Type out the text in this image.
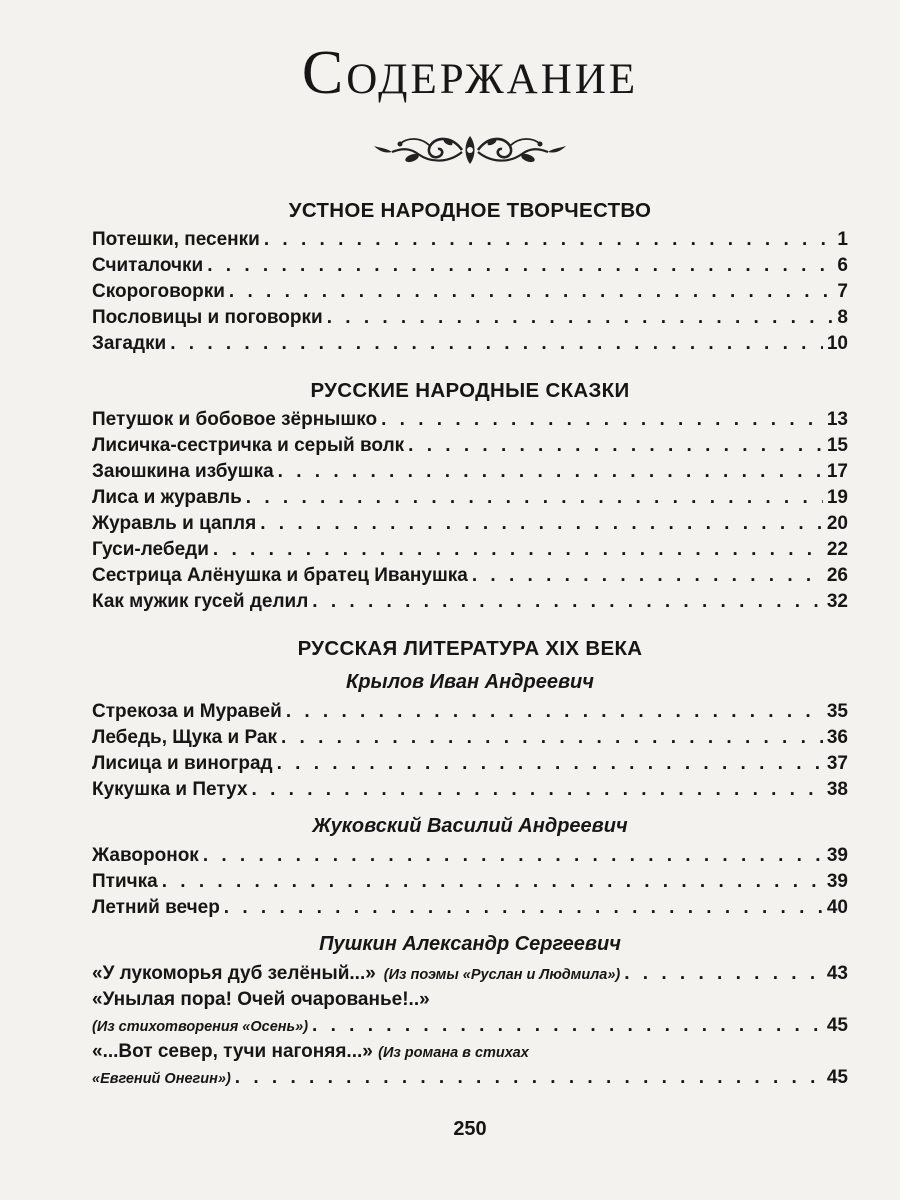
Содержание
УСТНОЕ НАРОДНОЕ ТВОРЧЕСТВО
Потешки, песенки . . .	1
Считалочки . . .	6
Скороговорки . . .	7
Пословицы и поговорки . . .	8
Загадки . . .	10
РУССКИЕ НАРОДНЫЕ СКАЗКИ
Петушок и бобовое зёрнышко . . .	13
Лисичка-сестричка и серый волк . . .	15
Заюшкина избушка . . .	17
Лиса и журавль . . .	19
Журавль и цапля . . .	20
Гуси-лебеди . . .	22
Сестрица Алёнушка и братец Иванушка . . .	26
Как мужик гусей делил . . .	32
РУССКАЯ ЛИТЕРАТУРА XIX ВЕКА
Крылов Иван Андреевич
Стрекоза и Муравей . . .	35
Лебедь, Щука и Рак . . .	36
Лисица и виноград . . .	37
Кукушка и Петух . . .	38
Жуковский Василий Андреевич
Жаворонок . . .	39
Птичка . . .	39
Летний вечер . . .	40
Пушкин Александр Сергеевич
«У лукоморья дуб зелёный...» (Из поэмы «Руслан и Людмила») . . .	43
«Унылая пора! Очей очарованье!..»
(Из стихотворения «Осень») . . .	45
«...Вот север, тучи нагоняя...» (Из романа в стихах
«Евгений Онегин») . . .	45
250
